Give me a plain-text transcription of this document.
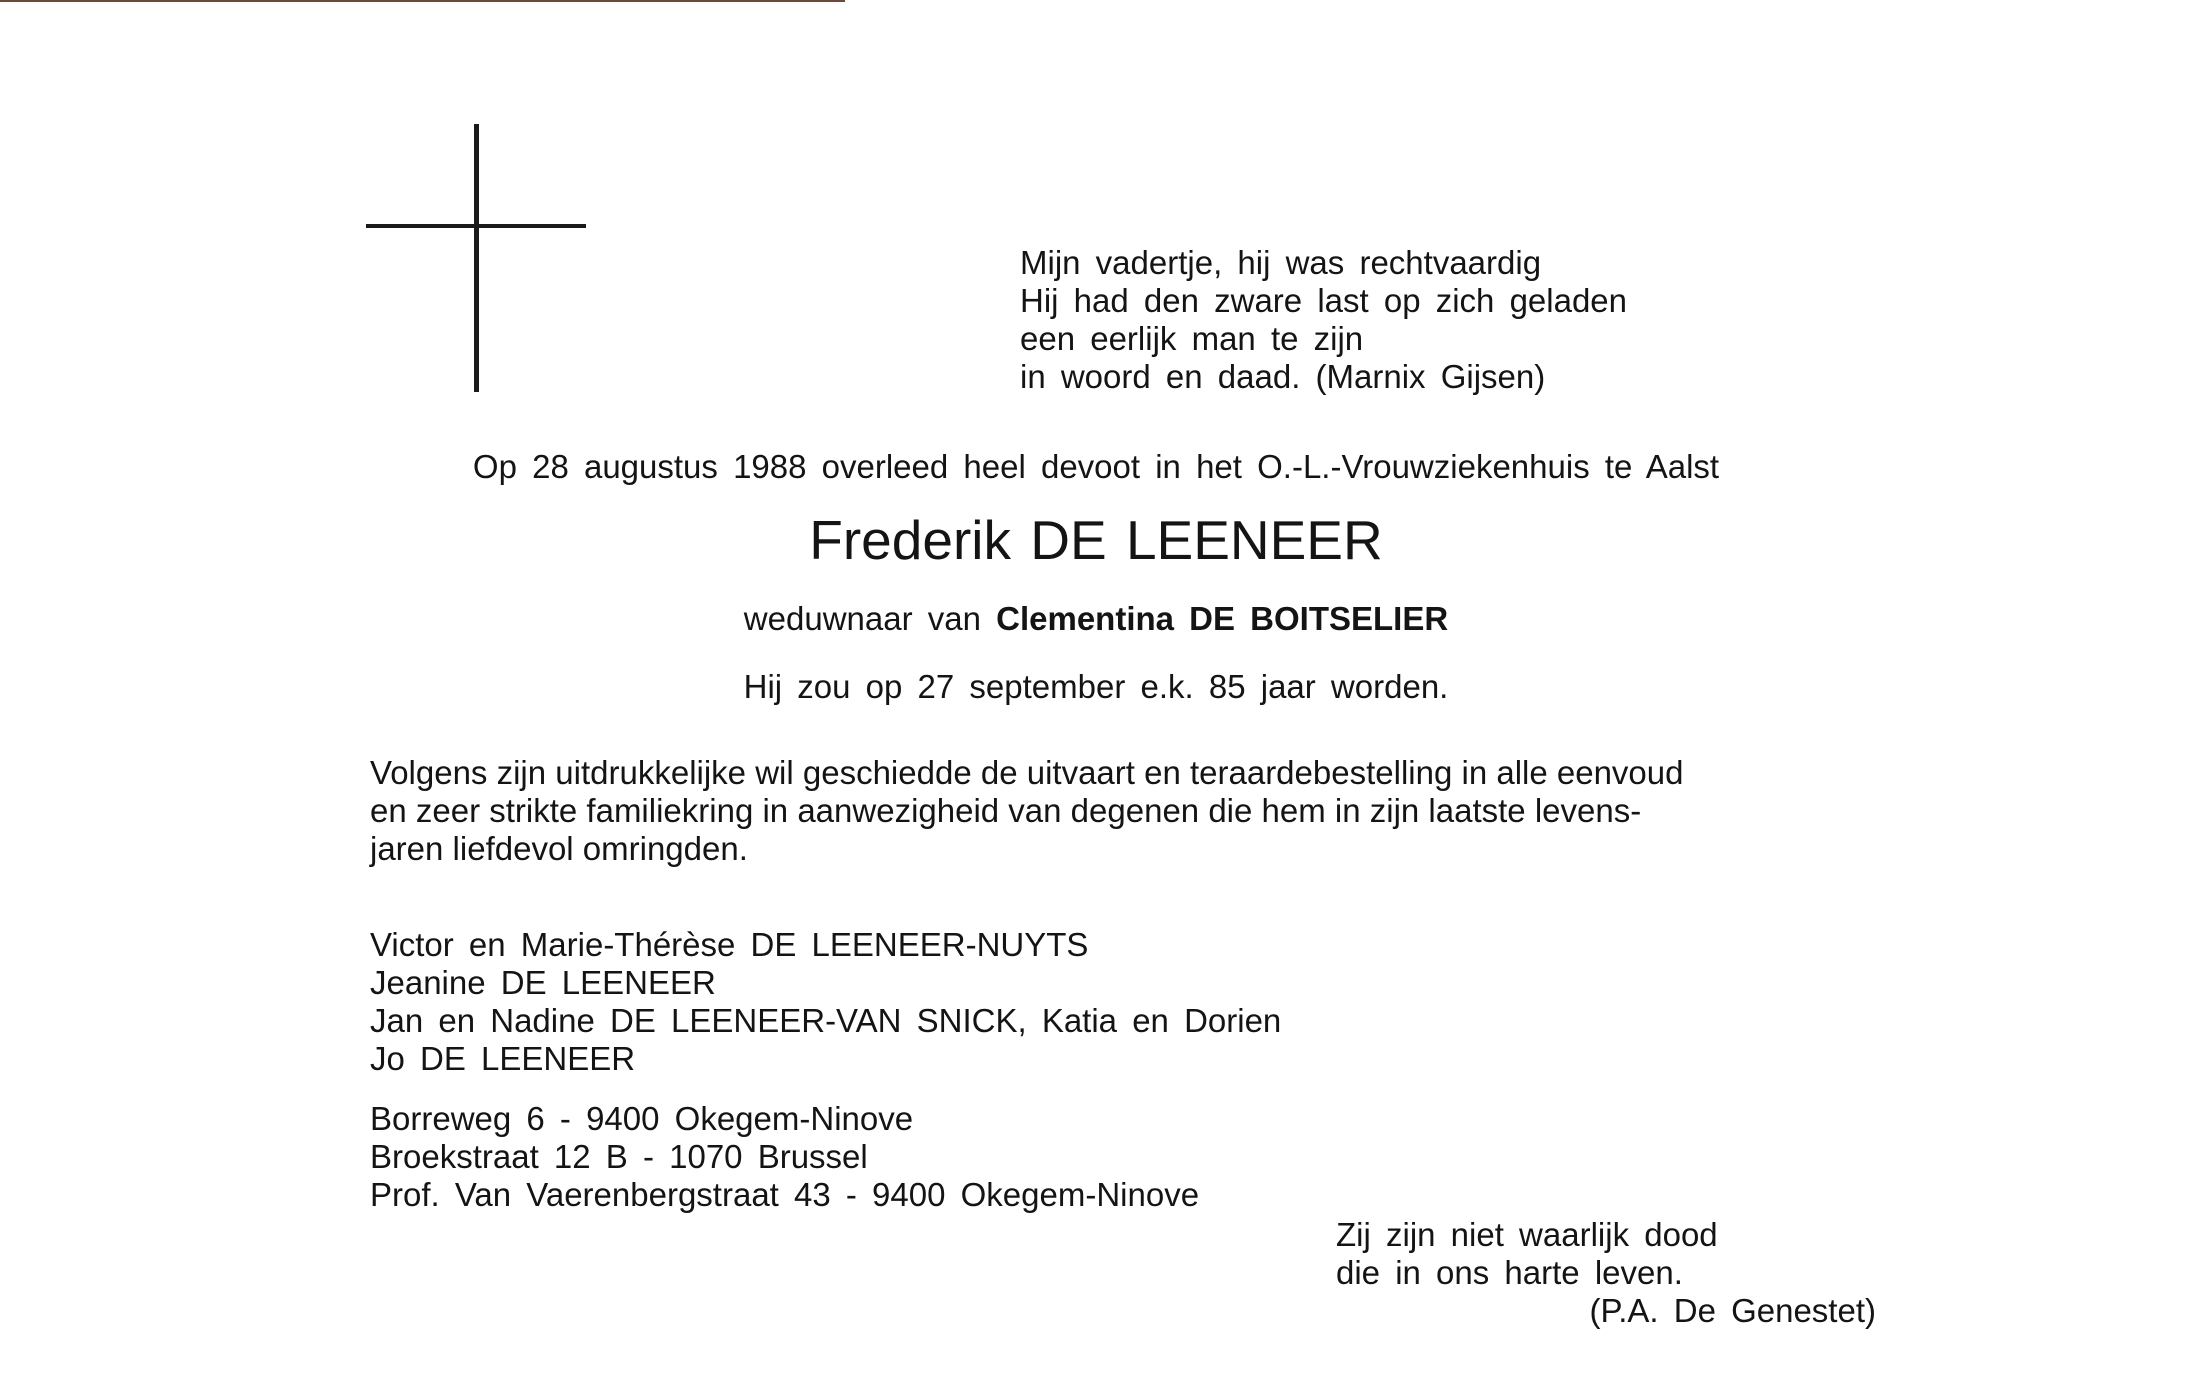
Mijn vadertje, hij was rechtvaardig
Hij had den zware last op zich geladen
een eerlijk man te zijn
in woord en daad. (Marnix Gijsen)
Op 28 augustus 1988 overleed heel devoot in het O.-L.-Vrouwziekenhuis te Aalst
Frederik DE LEENEER
weduwnaar van Clementina DE BOITSELIER
Hij zou op 27 september e.k. 85 jaar worden.
Volgens zijn uitdrukkelijke wil geschiedde de uitvaart en teraardebestelling in alle eenvoud
en zeer strikte familiekring in aanwezigheid van degenen die hem in zijn laatste levens-
jaren liefdevol omringden.
Victor en Marie-Thérèse DE LEENEER-NUYTS
Jeanine DE LEENEER
Jan en Nadine DE LEENEER-VAN SNICK, Katia en Dorien
Jo DE LEENEER
Borreweg 6 - 9400 Okegem-Ninove
Broekstraat 12 B - 1070 Brussel
Prof. Van Vaerenbergstraat 43 - 9400 Okegem-Ninove
Zij zijn niet waarlijk dood
die in ons harte leven.
(P.A. De Genestet)
